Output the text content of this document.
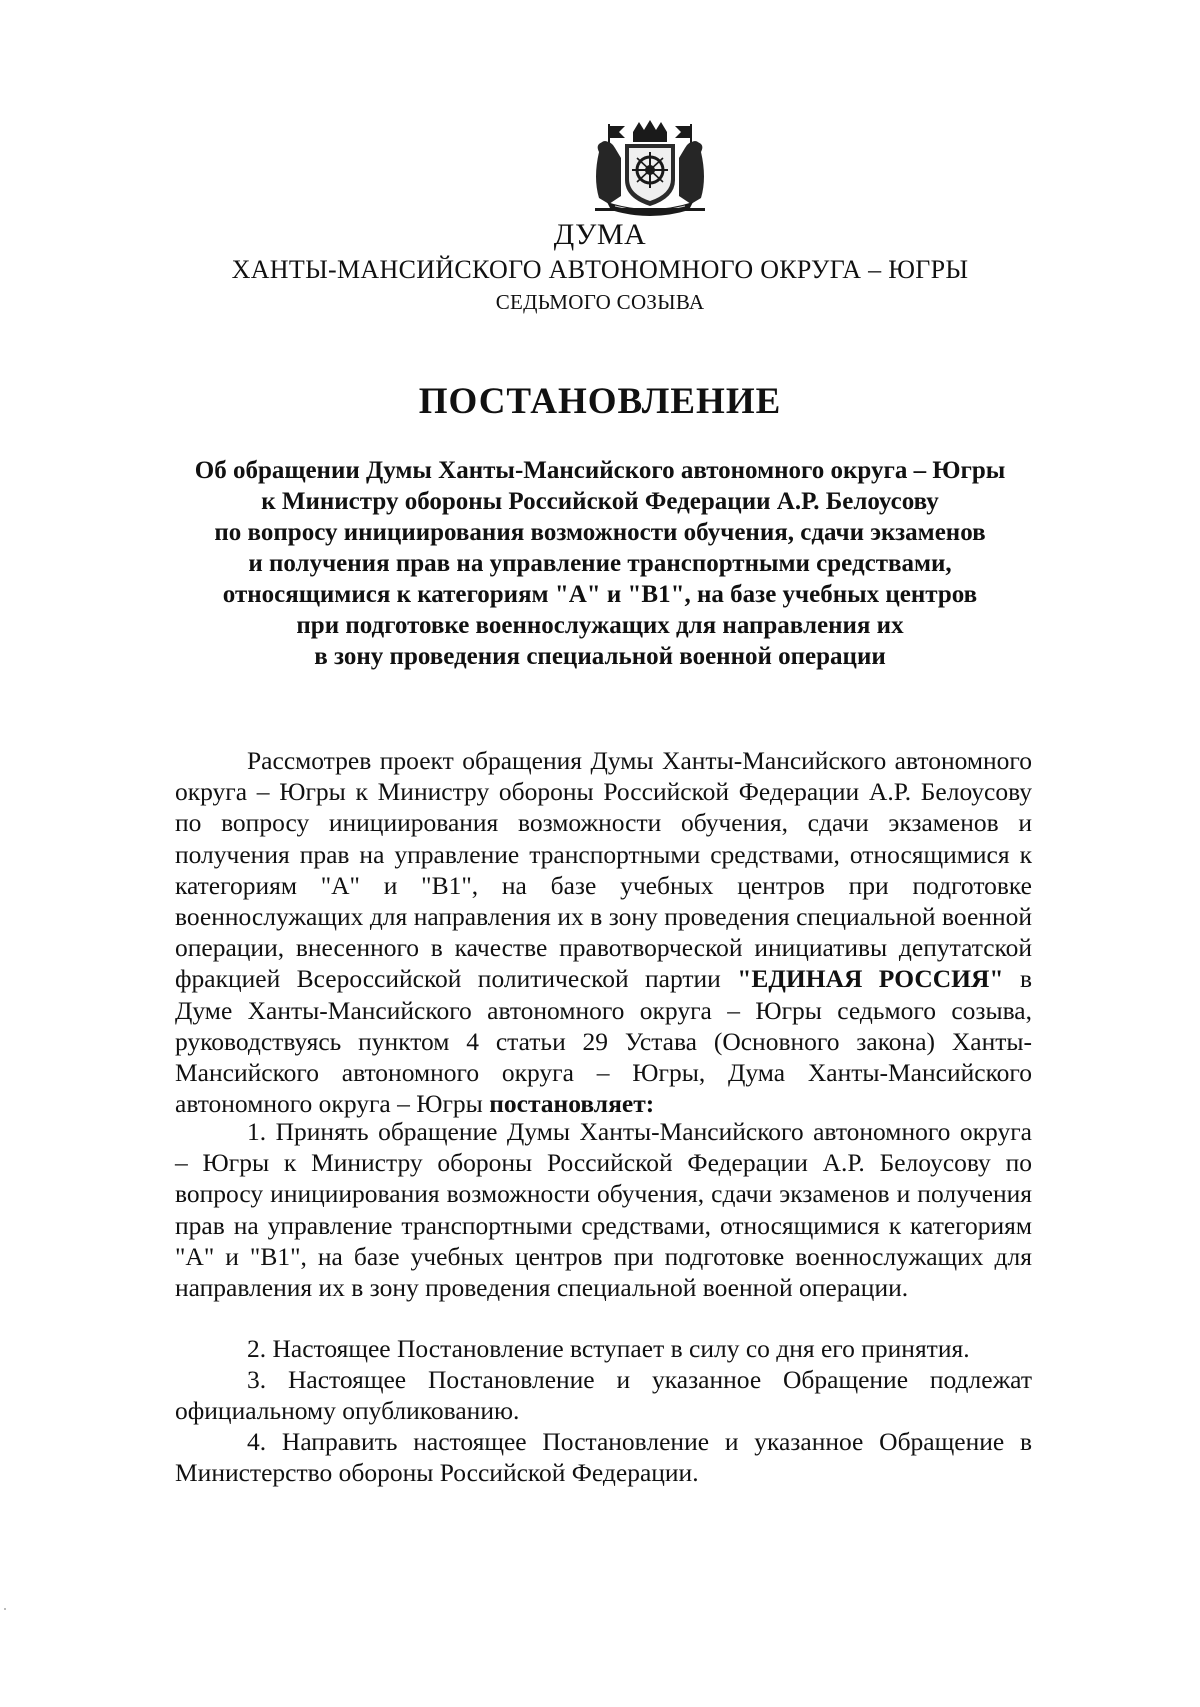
ДУМА
ХАНТЫ-МАНСИЙСКОГО АВТОНОМНОГО ОКРУГА – ЮГРЫ
СЕДЬМОГО СОЗЫВА
ПОСТАНОВЛЕНИЕ
Об обращении Думы Ханты-Мансийского автономного округа – Югры
к Министру обороны Российской Федерации А.Р. Белоусову
по вопросу инициирования возможности обучения, сдачи экзаменов
и получения прав на управление транспортными средствами,
относящимися к категориям "А" и "В1", на базе учебных центров
при подготовке военнослужащих для направления их
в зону проведения специальной военной операции

Рассмотрев проект обращения Думы Ханты-Мансийского автономного округа – Югры к Министру обороны Российской Федерации А.Р. Белоусову по вопросу инициирования возможности обучения, сдачи экзаменов и получения прав на управление транспортными средствами, относящимися к категориям "А" и "В1", на базе учебных центров при подготовке военнослужащих для направления их в зону проведения специальной военной операции, внесенного в качестве правотворческой инициативы депутатской фракцией Всероссийской политической партии "ЕДИНАЯ РОССИЯ" в Думе Ханты-Мансийского автономного округа – Югры седьмого созыва, руководствуясь пунктом 4 статьи 29 Устава (Основного закона) Ханты-Мансийского автономного округа – Югры, Дума Ханты-Мансийского автономного округа – Югры постановляет:

1. Принять обращение Думы Ханты-Мансийского автономного округа – Югры к Министру обороны Российской Федерации А.Р. Белоусову по вопросу инициирования возможности обучения, сдачи экзаменов и получения прав на управление транспортными средствами, относящимися к категориям "А" и "В1", на базе учебных центров при подготовке военнослужащих для направления их в зону проведения специальной военной операции.

2. Настоящее Постановление вступает в силу со дня его принятия.

3. Настоящее Постановление и указанное Обращение подлежат официальному опубликованию.

4. Направить настоящее Постановление и указанное Обращение в Министерство обороны Российской Федерации.
